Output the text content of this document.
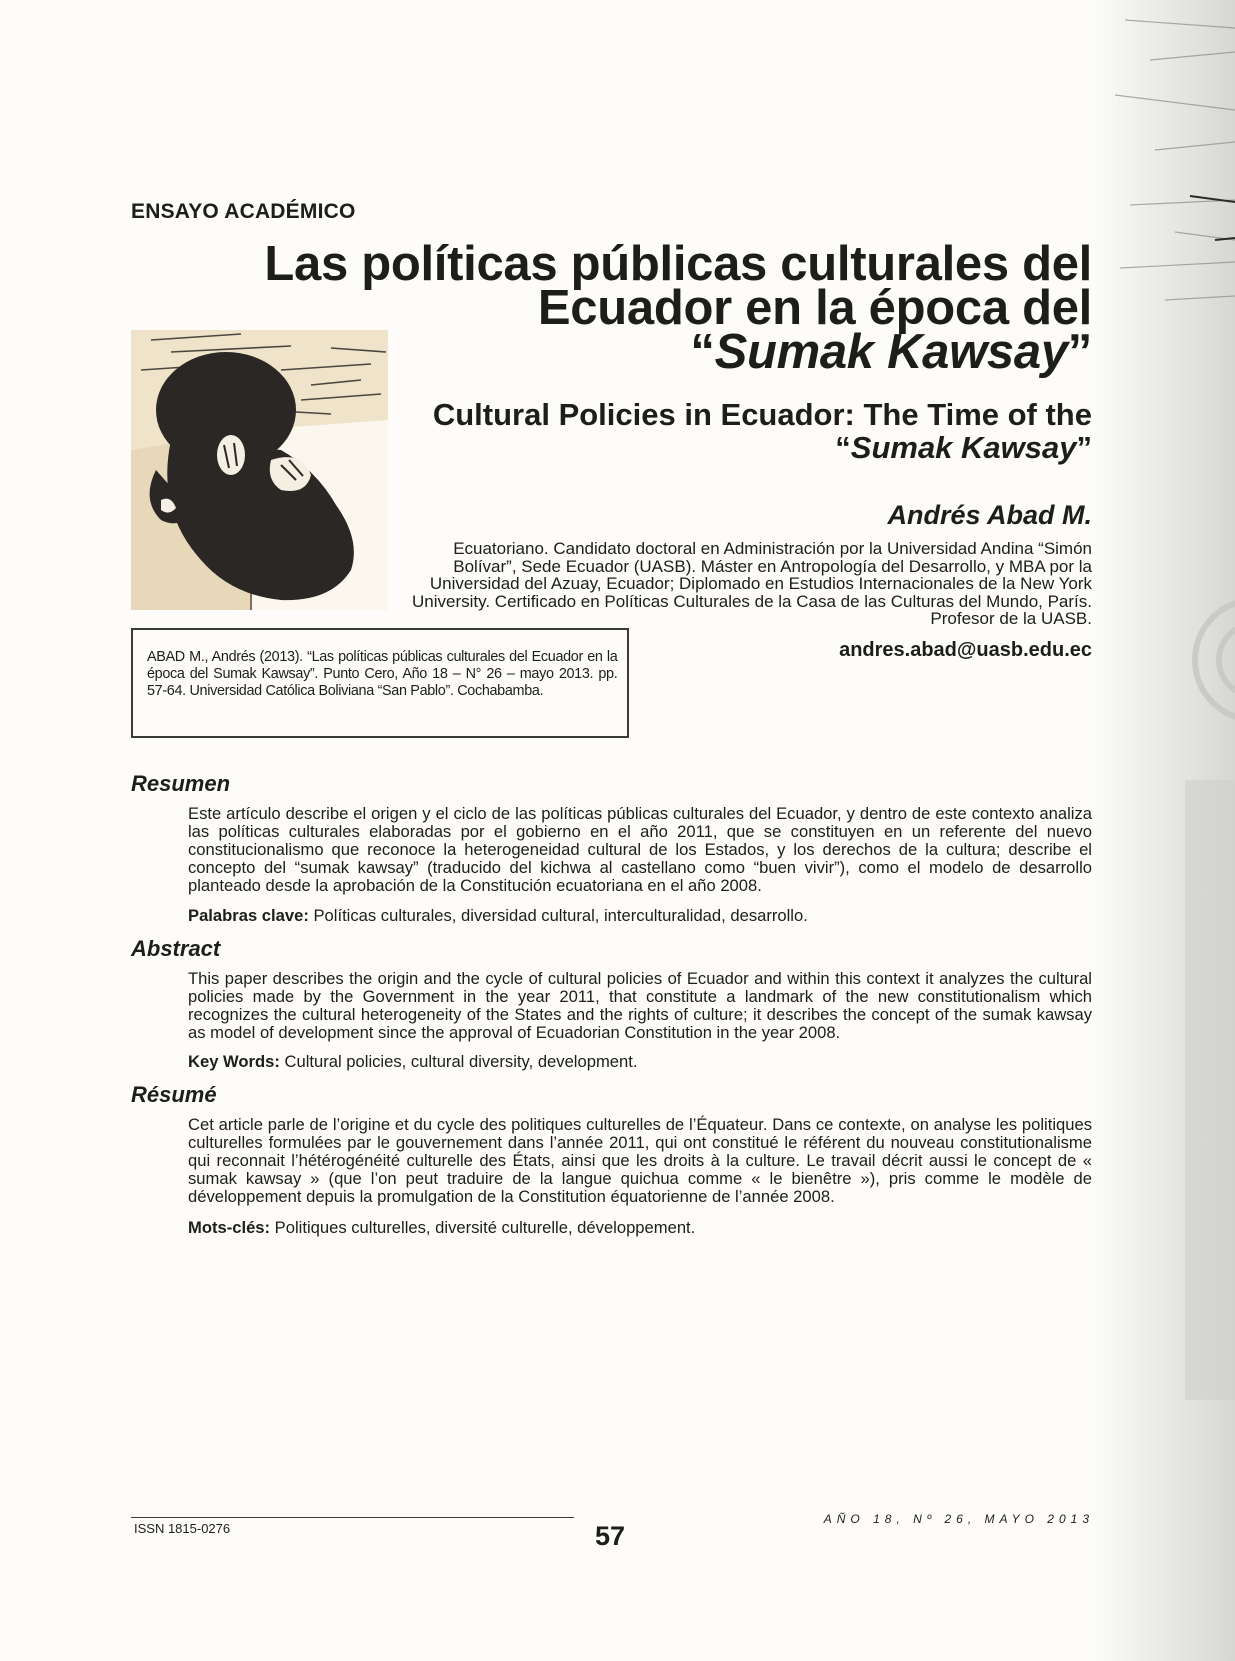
ENSAYO ACADÉMICO
Las políticas públicas culturales del
Ecuador en la época del
“Sumak Kawsay”
Cultural Policies in Ecuador: The Time of the
“Sumak Kawsay”

Andrés Abad M.

Ecuatoriano. Candidato doctoral en Administración por la Universidad Andina “Simón Bolívar”, Sede Ecuador (UASB). Máster en Antropología del Desarrollo, y MBA por la Universidad del Azuay, Ecuador; Diplomado en Estudios Internacionales de la New York University. Certificado en Políticas Culturales de la Casa de las Culturas del Mundo, París. Profesor de la UASB.

andres.abad@uasb.edu.ec

ABAD M., Andrés (2013). “Las políticas públicas culturales del Ecuador en la época del Sumak Kawsay”. Punto Cero, Año 18 – N° 26 – mayo 2013. pp. 57-64. Universidad Católica Boliviana “San Pablo”. Cochabamba.

Resumen

Este artículo describe el origen y el ciclo de las políticas públicas culturales del Ecuador, y dentro de este contexto analiza las políticas culturales elaboradas por el gobierno en el año 2011, que se constituyen en un referente del nuevo constitucionalismo que reconoce la heterogeneidad cultural de los Estados, y los derechos de la cultura; describe el concepto del “sumak kawsay” (traducido del kichwa al castellano como “buen vivir”), como el modelo de desarrollo planteado desde la aprobación de la Constitución ecuatoriana en el año 2008.

Palabras clave: Políticas culturales, diversidad cultural, interculturalidad, desarrollo.

Abstract

This paper describes the origin and the cycle of cultural policies of Ecuador and within this context it analyzes the cultural policies made by the Government in the year 2011, that constitute a landmark of the new constitutionalism which recognizes the cultural heterogeneity of the States and the rights of culture; it describes the concept of the sumak kawsay as model of development since the approval of Ecuadorian Constitution in the year 2008.

Key Words: Cultural policies, cultural diversity, development.

Résumé

Cet article parle de l’origine et du cycle des politiques culturelles de l’Équateur. Dans ce contexte, on analyse les politiques culturelles formulées par le gouvernement dans l’année 2011, qui ont constitué le référent du nouveau constitutionalisme qui reconnait l’hétérogénéité culturelle des États, ainsi que les droits à la culture. Le travail décrit aussi le concept de « sumak kawsay » (que l’on peut traduire de la langue quichua comme « le bienêtre »), pris comme le modèle de développement depuis la promulgation de la Constitution équatorienne de l’année 2008.

Mots-clés: Politiques culturelles, diversité culturelle, développement.

ISSN 1815-0276	57

AÑO 18, Nº 26, MAYO 2013
